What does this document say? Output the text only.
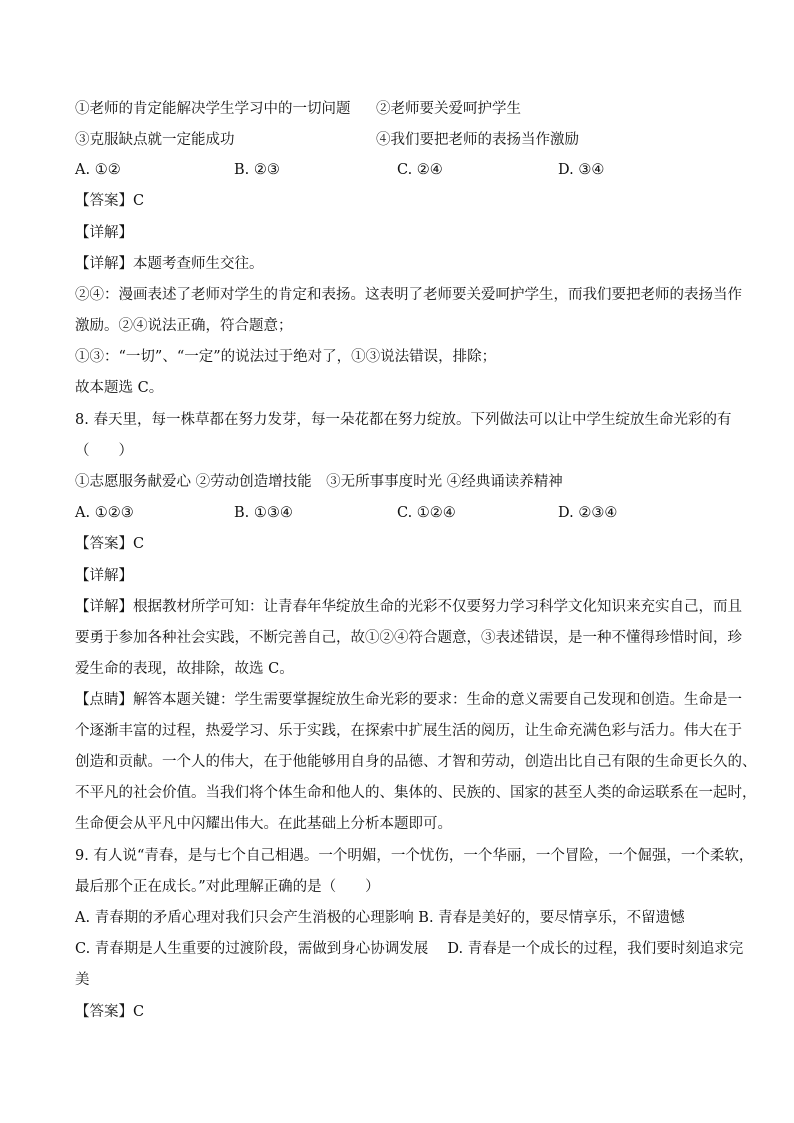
①老师的肯定能解决学生学习中的一切问题 ②老师要关爱呵护学生
③克服缺点就一定能成功	④我们要把老师的表扬当作激励
A. ①②	B. ②③	C. ②④	D. ③④
【答案】C
【详解】
【详解】本题考查师生交往。
②④：漫画表述了老师对学生的肯定和表扬。这表明了老师要关爱呵护学生，而我们要把老师的表扬当作
激励。②④说法正确，符合题意；
①③：“一切”、“一定”的说法过于绝对了，①③说法错误，排除；
故本题选 C。
8. 春天里，每一株草都在努力发芽，每一朵花都在努力绽放。下列做法可以让中学生绽放生命光彩的有
（　　）
①志愿服务献爱心 ②劳动创造增技能　③无所事事度时光 ④经典诵读养精神
A. ①②③	B. ①③④	C. ①②④	D. ②③④
【答案】C
【详解】
【详解】根据教材所学可知：让青春年华绽放生命的光彩不仅要努力学习科学文化知识来充实自己，而且
要勇于参加各种社会实践，不断完善自己，故①②④符合题意，③表述错误，是一种不懂得珍惜时间，珍
爱生命的表现，故排除，故选 C。
【点睛】解答本题关键：学生需要掌握绽放生命光彩的要求：生命的意义需要自己发现和创造。生命是一
个逐渐丰富的过程，热爱学习、乐于实践，在探索中扩展生活的阅历，让生命充满色彩与活力。伟大在于
创造和贡献。一个人的伟大，在于他能够用自身的品德、才智和劳动，创造出比自己有限的生命更长久的、
不平凡的社会价值。当我们将个体生命和他人的、集体的、民族的、国家的甚至人类的命运联系在一起时，
生命便会从平凡中闪耀出伟大。在此基础上分析本题即可。
9. 有人说“青春，是与七个自己相遇。一个明媚，一个忧伤，一个华丽，一个冒险，一个倔强，一个柔软，
最后那个正在成长。”对此理解正确的是（　　）
A. 青春期的矛盾心理对我们只会产生消极的心理影响 B. 青春是美好的，要尽情享乐，不留遗憾
C. 青春期是人生重要的过渡阶段，需做到身心协调发展　 D. 青春是一个成长的过程，我们要时刻追求完
美
【答案】C
